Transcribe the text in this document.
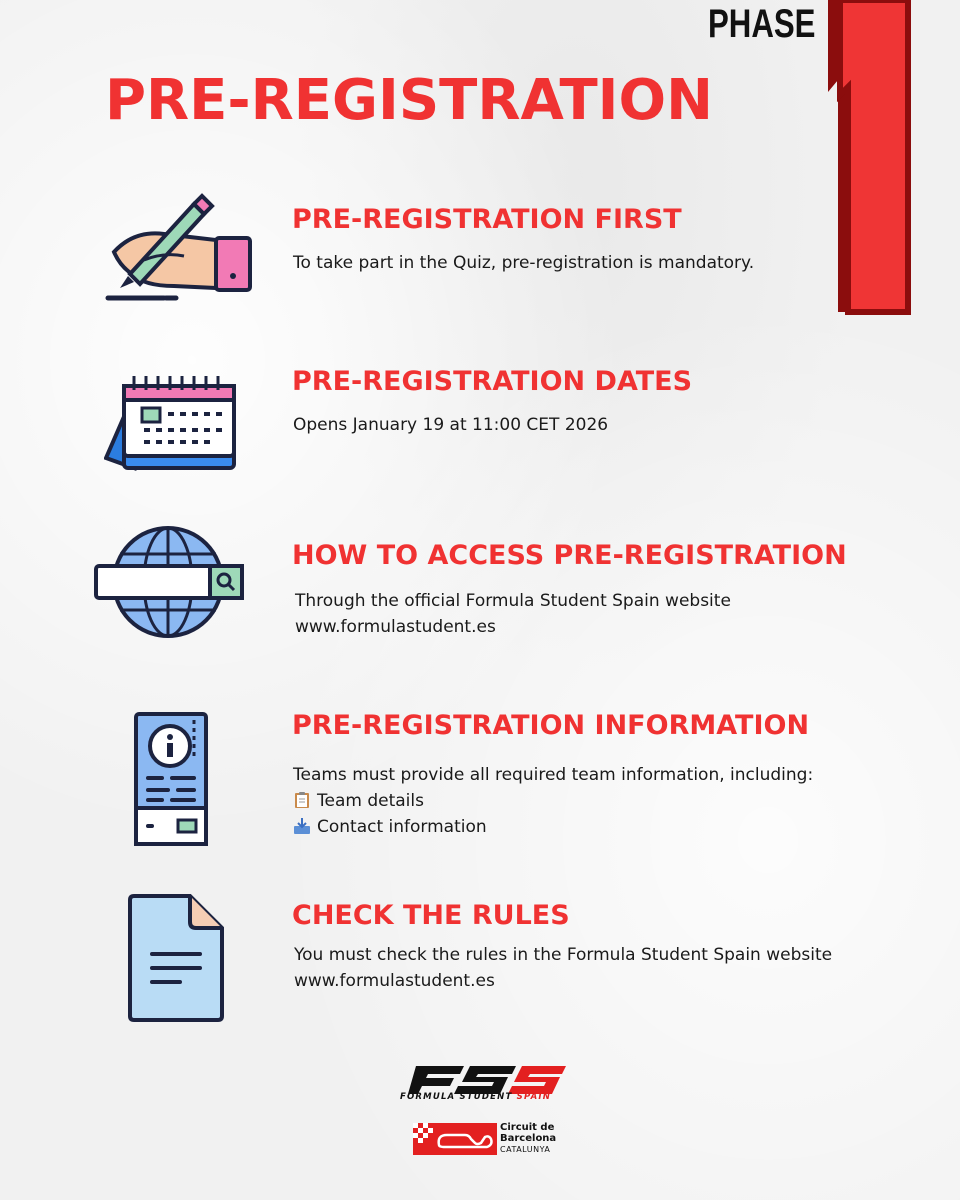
PHASE
PRE-REGISTRATION
PRE-REGISTRATION FIRST
To take part in the Quiz, pre-registration is mandatory.
PRE-REGISTRATION DATES
Opens January 19 at 11:00 CET 2026
HOW TO ACCESS PRE-REGISTRATION
Through the official Formula Student Spain website
www.formulastudent.es
PRE-REGISTRATION INFORMATION
Teams must provide all required team information, including:
Team details
Contact information
CHECK THE RULES
You must check the rules in the Formula Student Spain website
www.formulastudent.es
FORMULA STUDENT SPAIN
Circuit de
Barcelona
CATALUNYA
